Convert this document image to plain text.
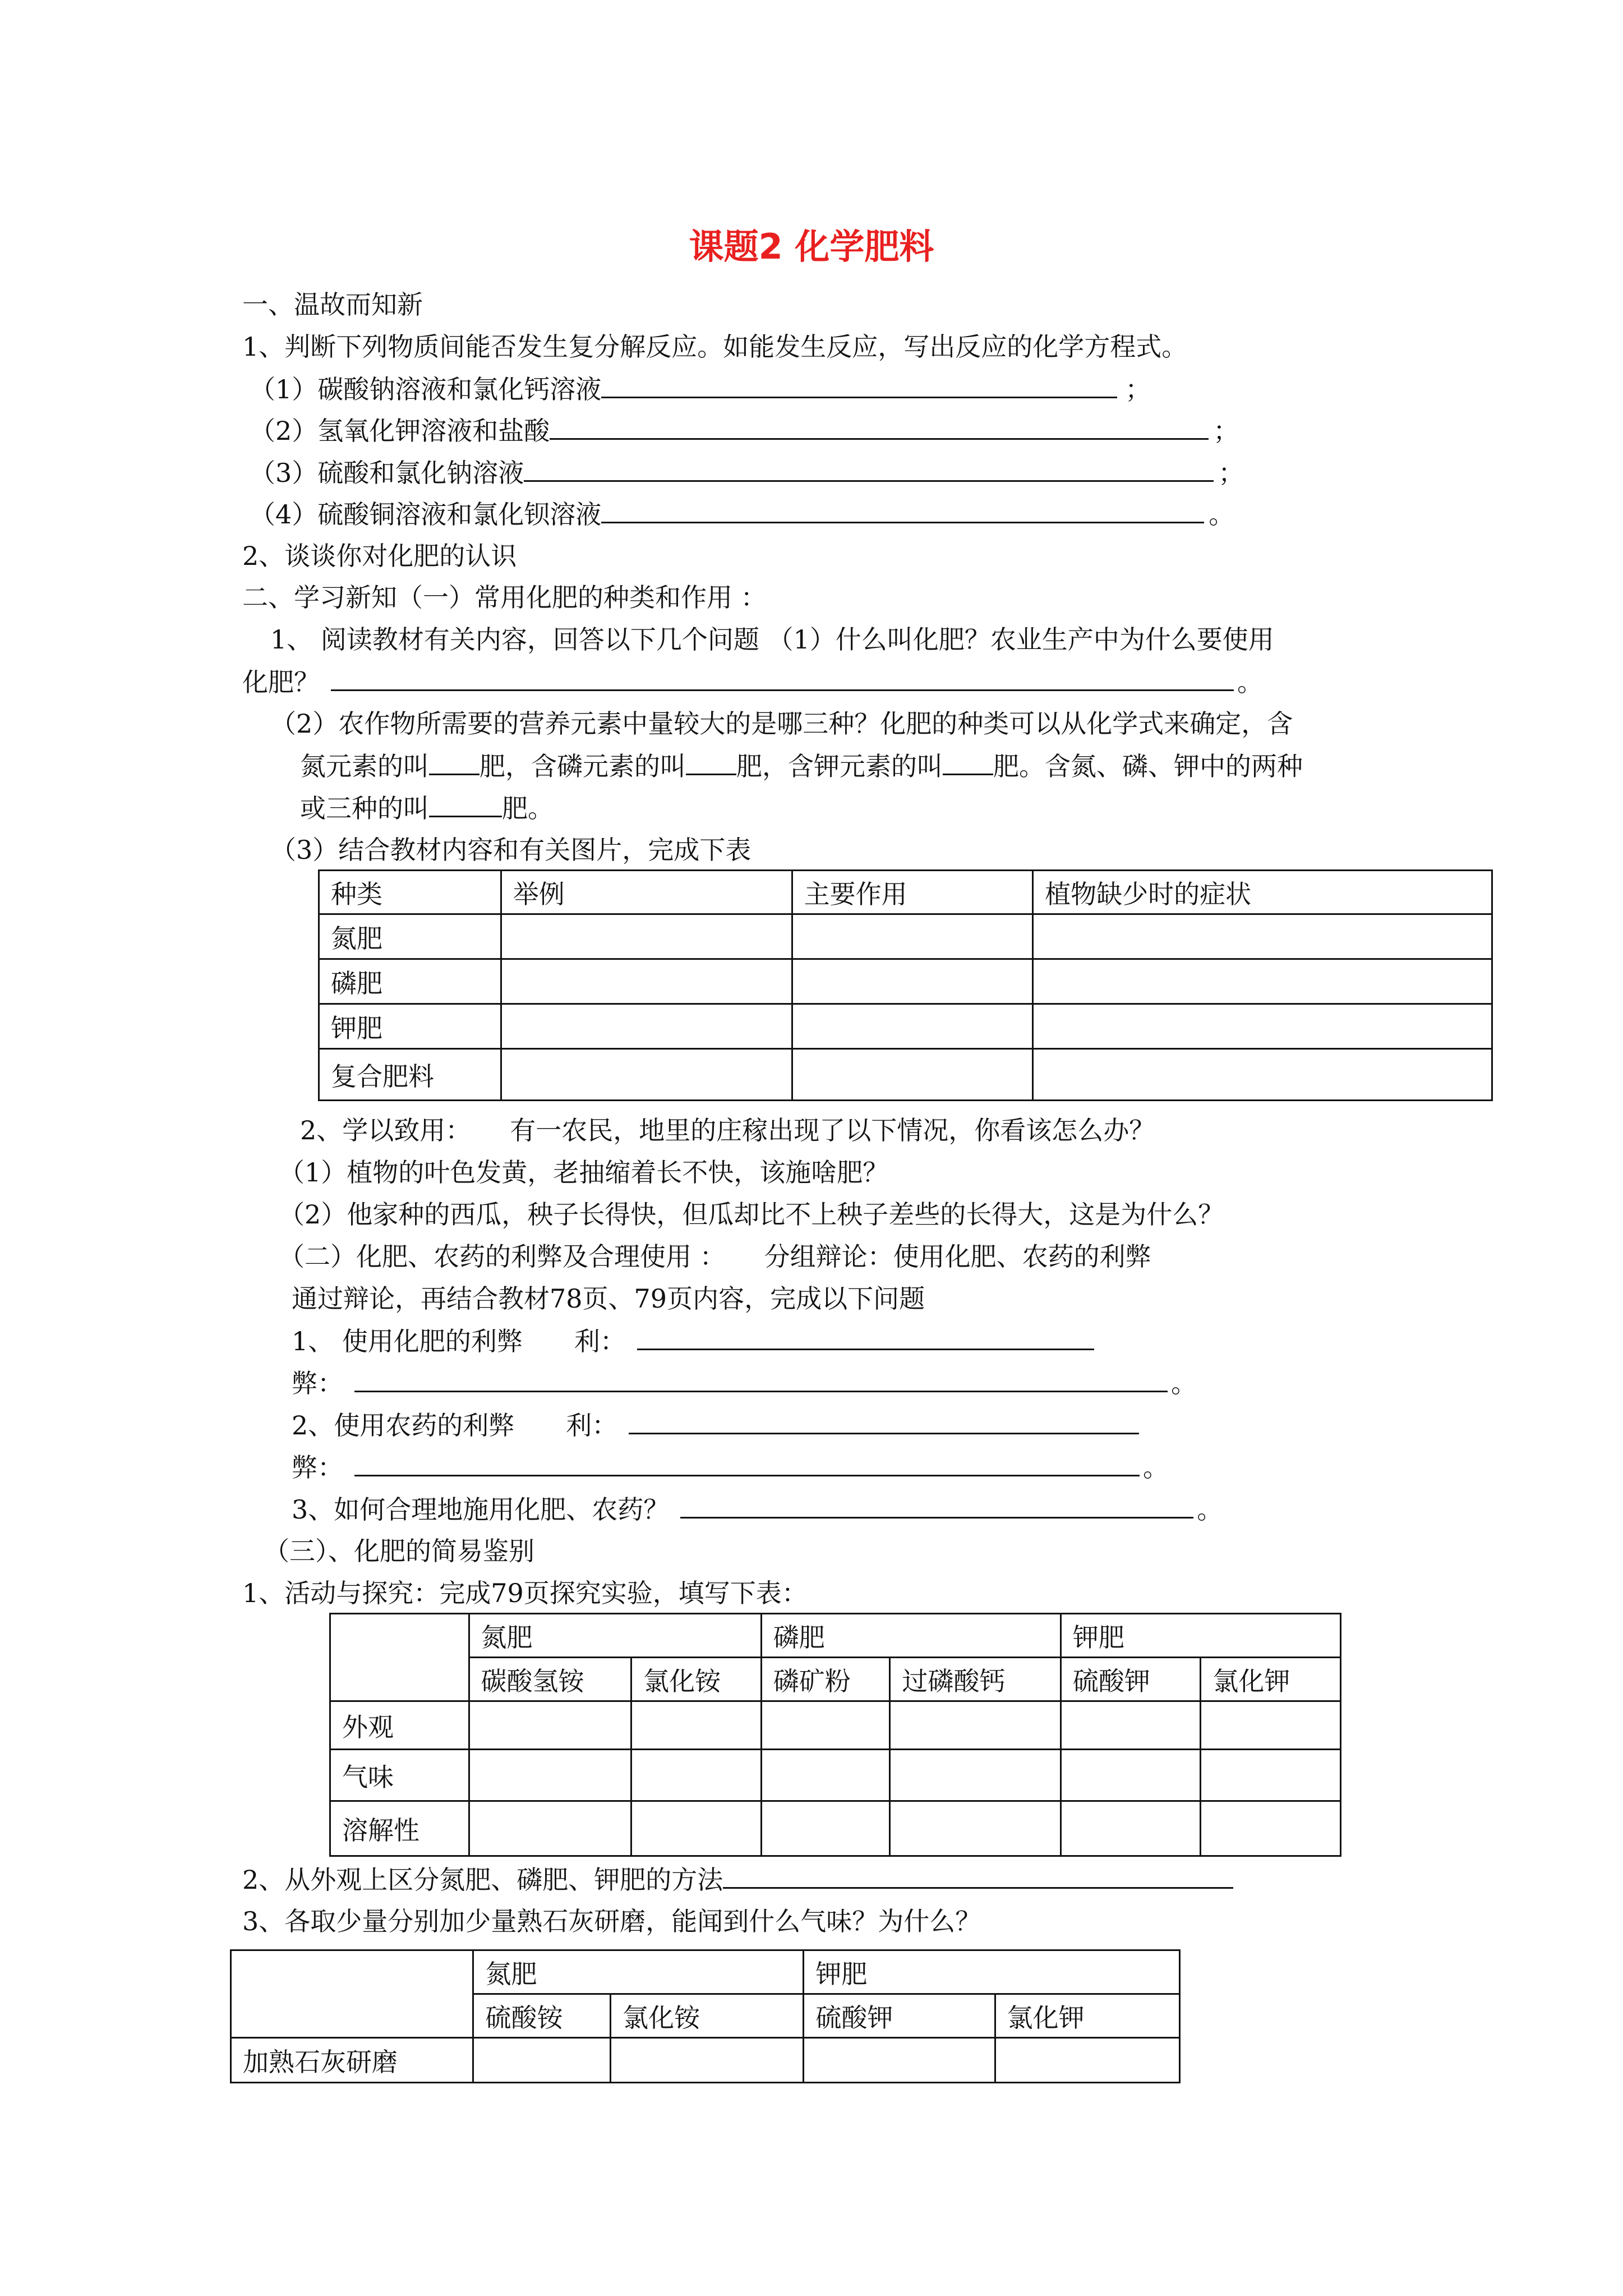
课题2 化学肥料
一、温故而知新
1、判断下列物质间能否发生复分解反应。如能发生反应，写出反应的化学方程式。
（1）碳酸钠溶液和氯化钙溶液	；
（2）氢氧化钾溶液和盐酸	；
（3）硫酸和氯化钠溶液	；
（4）硫酸铜溶液和氯化钡溶液	。
2、谈谈你对化肥的认识
二、学习新知（一）常用化肥的种类和作用 ：
1、 阅读教材有关内容，回答以下几个问题 （1）什么叫化肥？农业生产中为什么要使用
化肥？	。
（2）农作物所需要的营养元素中量较大的是哪三种？化肥的种类可以从化学式来确定，含
氮元素的叫 肥，含磷元素的叫 肥，含钾元素的叫 肥。含氮、磷、钾中的两种
或三种的叫	肥。
（3）结合教材内容和有关图片，完成下表
种类	举例	主要作用	植物缺少时的症状
氮肥			
磷肥			
钾肥			
复合肥料			
2、学以致用：　　有一农民，地里的庄稼出现了以下情况，你看该怎么办？
（1）植物的叶色发黄，老抽缩着长不快，该施啥肥？
（2）他家种的西瓜，秧子长得快，但瓜却比不上秧子差些的长得大，这是为什么？
（二）化肥、农药的利弊及合理使用 ：　　分组辩论：使用化肥、农药的利弊
通过辩论，再结合教材78页、79页内容，完成以下问题
1、 使用化肥的利弊　　利：
弊：	。
2、使用农药的利弊　　利：
弊：	。
3、如何合理地施用化肥、农药？	。
（三）、化肥的简易鉴别
1、活动与探究：完成79页探究实验，填写下表：
	氮肥		磷肥		钾肥	
	碳酸氢铵	氯化铵	磷矿粉	过磷酸钙	硫酸钾	氯化钾
外观						
气味						
溶解性						
2、从外观上区分氮肥、磷肥、钾肥的方法
3、各取少量分别加少量熟石灰研磨，能闻到什么气味？为什么？
	氮肥		钾肥	
	硫酸铵	氯化铵	硫酸钾	氯化钾
加熟石灰研磨				
